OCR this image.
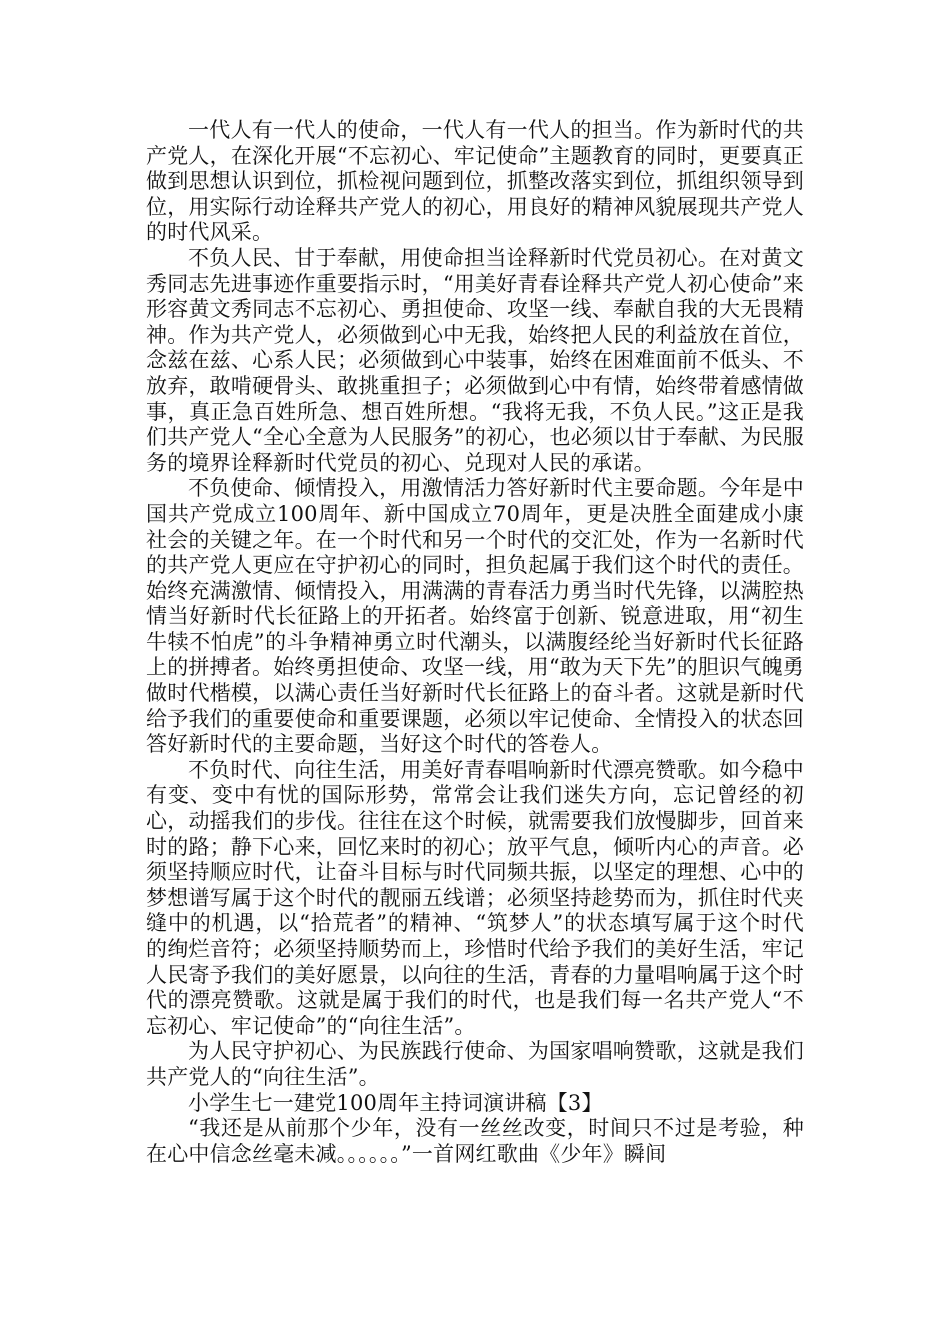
一代人有一代人的使命，一代人有一代人的担当。作为新时代的共产党人，在深化开展“不忘初心、牢记使命”主题教育的同时，更要真正做到思想认识到位，抓检视问题到位，抓整改落实到位，抓组织领导到位，用实际行动诠释共产党人的初心，用良好的精神风貌展现共产党人的时代风采。

不负人民、甘于奉献，用使命担当诠释新时代党员初心。在对黄文秀同志先进事迹作重要指示时，“用美好青春诠释共产党人初心使命”来形容黄文秀同志不忘初心、勇担使命、攻坚一线、奉献自我的大无畏精神。作为共产党人，必须做到心中无我，始终把人民的利益放在首位，念兹在兹、心系人民；必须做到心中装事，始终在困难面前不低头、不放弃，敢啃硬骨头、敢挑重担子；必须做到心中有情，始终带着感情做事，真正急百姓所急、想百姓所想。“我将无我，不负人民。”这正是我们共产党人“全心全意为人民服务”的初心，也必须以甘于奉献、为民服务的境界诠释新时代党员的初心、兑现对人民的承诺。

不负使命、倾情投入，用激情活力答好新时代主要命题。今年是中国共产党成立100周年、新中国成立70周年，更是决胜全面建成小康社会的关键之年。在一个时代和另一个时代的交汇处，作为一名新时代的共产党人更应在守护初心的同时，担负起属于我们这个时代的责任。始终充满激情、倾情投入，用满满的青春活力勇当时代先锋，以满腔热情当好新时代长征路上的开拓者。始终富于创新、锐意进取，用“初生牛犊不怕虎”的斗争精神勇立时代潮头，以满腹经纶当好新时代长征路上的拼搏者。始终勇担使命、攻坚一线，用“敢为天下先”的胆识气魄勇做时代楷模，以满心责任当好新时代长征路上的奋斗者。这就是新时代给予我们的重要使命和重要课题，必须以牢记使命、全情投入的状态回答好新时代的主要命题，当好这个时代的答卷人。

不负时代、向往生活，用美好青春唱响新时代漂亮赞歌。如今稳中有变、变中有忧的国际形势，常常会让我们迷失方向，忘记曾经的初心，动摇我们的步伐。往往在这个时候，就需要我们放慢脚步，回首来时的路；静下心来，回忆来时的初心；放平气息，倾听内心的声音。必须坚持顺应时代，让奋斗目标与时代同频共振，以坚定的理想、心中的梦想谱写属于这个时代的靓丽五线谱；必须坚持趁势而为，抓住时代夹缝中的机遇，以“拾荒者”的精神、“筑梦人”的状态填写属于这个时代的绚烂音符；必须坚持顺势而上，珍惜时代给予我们的美好生活，牢记人民寄予我们的美好愿景，以向往的生活，青春的力量唱响属于这个时代的漂亮赞歌。这就是属于我们的时代，也是我们每一名共产党人“不忘初心、牢记使命”的“向往生活”。

为人民守护初心、为民族践行使命、为国家唱响赞歌，这就是我们共产党人的“向往生活”。

小学生七一建党100周年主持词演讲稿【3】

“我还是从前那个少年，没有一丝丝改变，时间只不过是考验，种在心中信念丝毫未减。。。。。。”一首网红歌曲《少年》瞬间
